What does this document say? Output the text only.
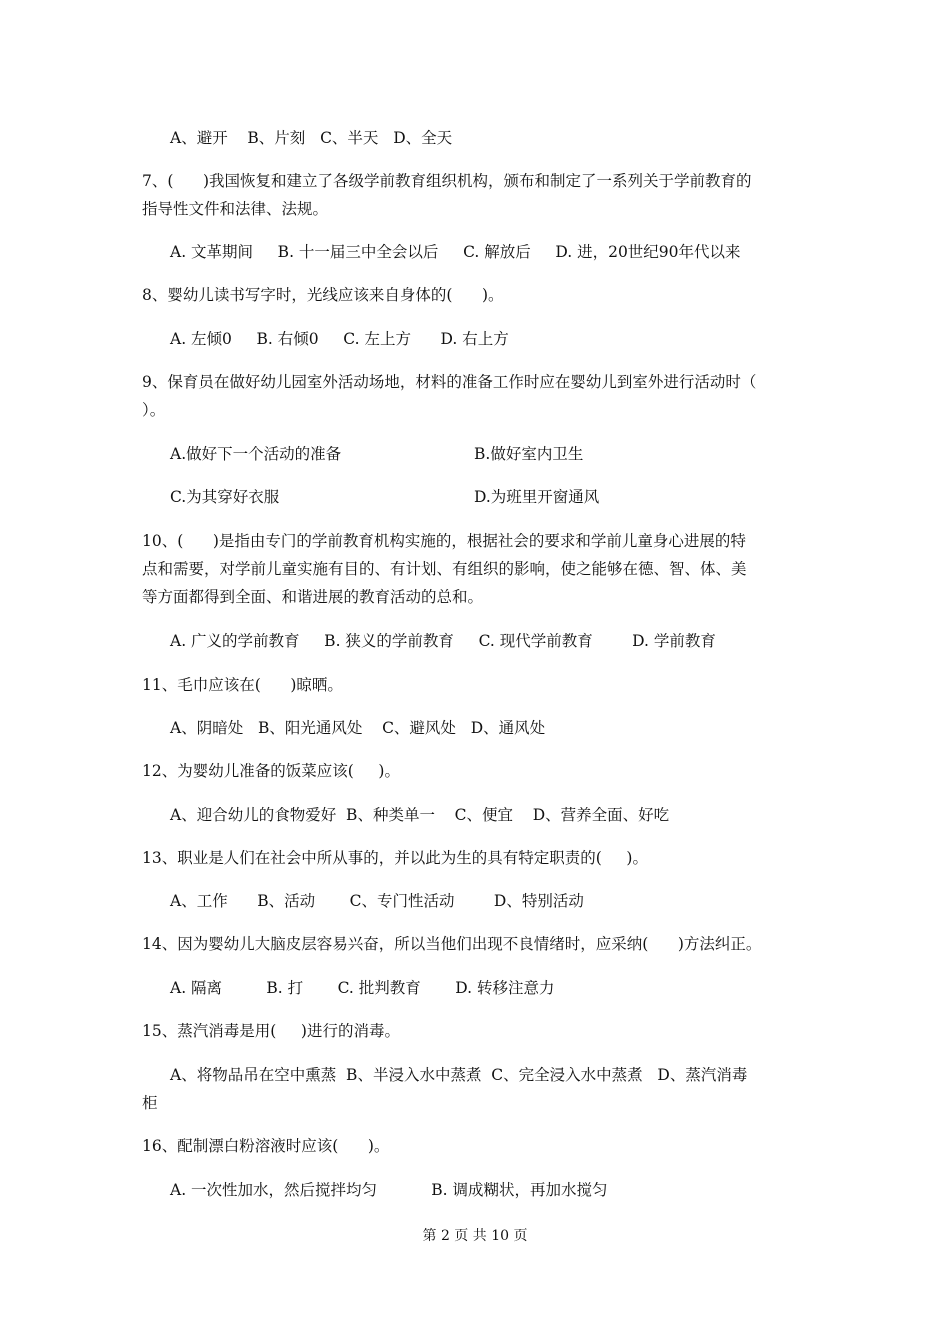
A、避开    B、片刻   C、半天   D、全天
7、(      )我国恢复和建立了各级学前教育组织机构，颁布和制定了一系列关于学前教育的
指导性文件和法律、法规。
A. 文革期间     B. 十一届三中全会以后     C. 解放后     D. 进，20世纪90年代以来
8、婴幼儿读书写字时，光线应该来自身体的(      )。
A. 左倾0     B. 右倾0     C. 左上方      D. 右上方
9、保育员在做好幼儿园室外活动场地，材料的准备工作时应在婴幼儿到室外进行活动时（
）。
10、(      )是指由专门的学前教育机构实施的，根据社会的要求和学前儿童身心进展的特
点和需要，对学前儿童实施有目的、有计划、有组织的影响，使之能够在德、智、体、美
等方面都得到全面、和谐进展的教育活动的总和。
A. 广义的学前教育     B. 狭义的学前教育     C. 现代学前教育        D. 学前教育
11、毛巾应该在(      )晾晒。
A、阴暗处   B、阳光通风处    C、避风处   D、通风处
12、为婴幼儿准备的饭菜应该(     )。
A、迎合幼儿的食物爱好  B、种类单一    C、便宜    D、营养全面、好吃
13、职业是人们在社会中所从事的，并以此为生的具有特定职责的(     )。
A、工作      B、活动       C、专门性活动        D、特别活动
14、因为婴幼儿大脑皮层容易兴奋，所以当他们出现不良情绪时，应采纳(      )方法纠正。
A. 隔离         B. 打       C. 批判教育       D. 转移注意力
15、蒸汽消毒是用(     )进行的消毒。
A、将物品吊在空中熏蒸  B、半浸入水中蒸煮  C、完全浸入水中蒸煮   D、蒸汽消毒
柜
16、配制漂白粉溶液时应该(      )。
A. 一次性加水，然后搅拌均匀           B. 调成糊状，再加水搅匀
A.做好下一个活动的准备	B.做好室内卫生
C.为其穿好衣服	D.为班里开窗通风
第 2 页 共 10 页
